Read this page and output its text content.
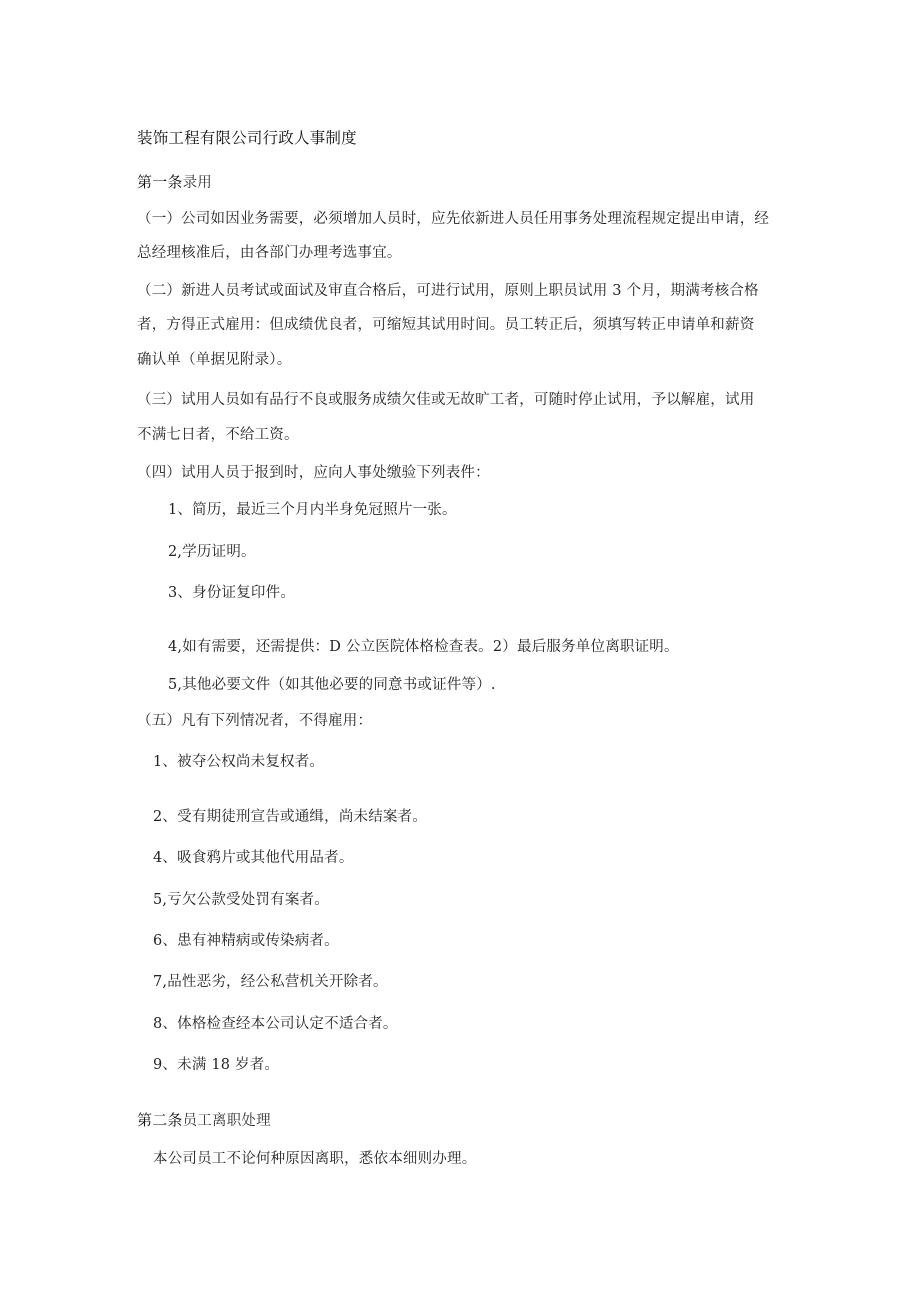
装饰工程有限公司行政人事制度
第一条录用
（一）公司如因业务需要，必须增加人员时，应先依新进人员任用事务处理流程规定提出申请，经
总经理核准后，由各部门办理考选事宜。
（二）新进人员考试或面试及审直合格后，可进行试用，原则上职员试用 3 个月，期满考核合格
者，方得正式雇用：但成绩优良者，可缩短其试用时间。员工转正后，须填写转正申请单和薪资
确认单（单据见附录）。
（三）试用人员如有品行不良或服务成绩欠佳或无故旷工者，可随时停止试用，予以解雇，试用
不满七日者，不给工资。
（四）试用人员于报到时，应向人事处缴验下列表件：
1、简历，最近三个月内半身免冠照片一张。
2,学历证明。
3、身份证复印件。
4,如有需要，还需提供：D 公立医院体格检查表。2）最后服务单位离职证明。
5,其他必要文件（如其他必要的同意书或证件等）.
（五）凡有下列情况者，不得雇用：
1、被夺公权尚未复权者。
2、受有期徒刑宣告或通缉，尚未结案者。
4、吸食鸦片或其他代用品者。
5,亏欠公款受处罚有案者。
6、患有神精病或传染病者。
7,品性恶劣，经公私营机关开除者。
8、体格检查经本公司认定不适合者。
9、未满 18 岁者。
第二条员工离职处理
本公司员工不论何种原因离职，悉依本细则办理。
